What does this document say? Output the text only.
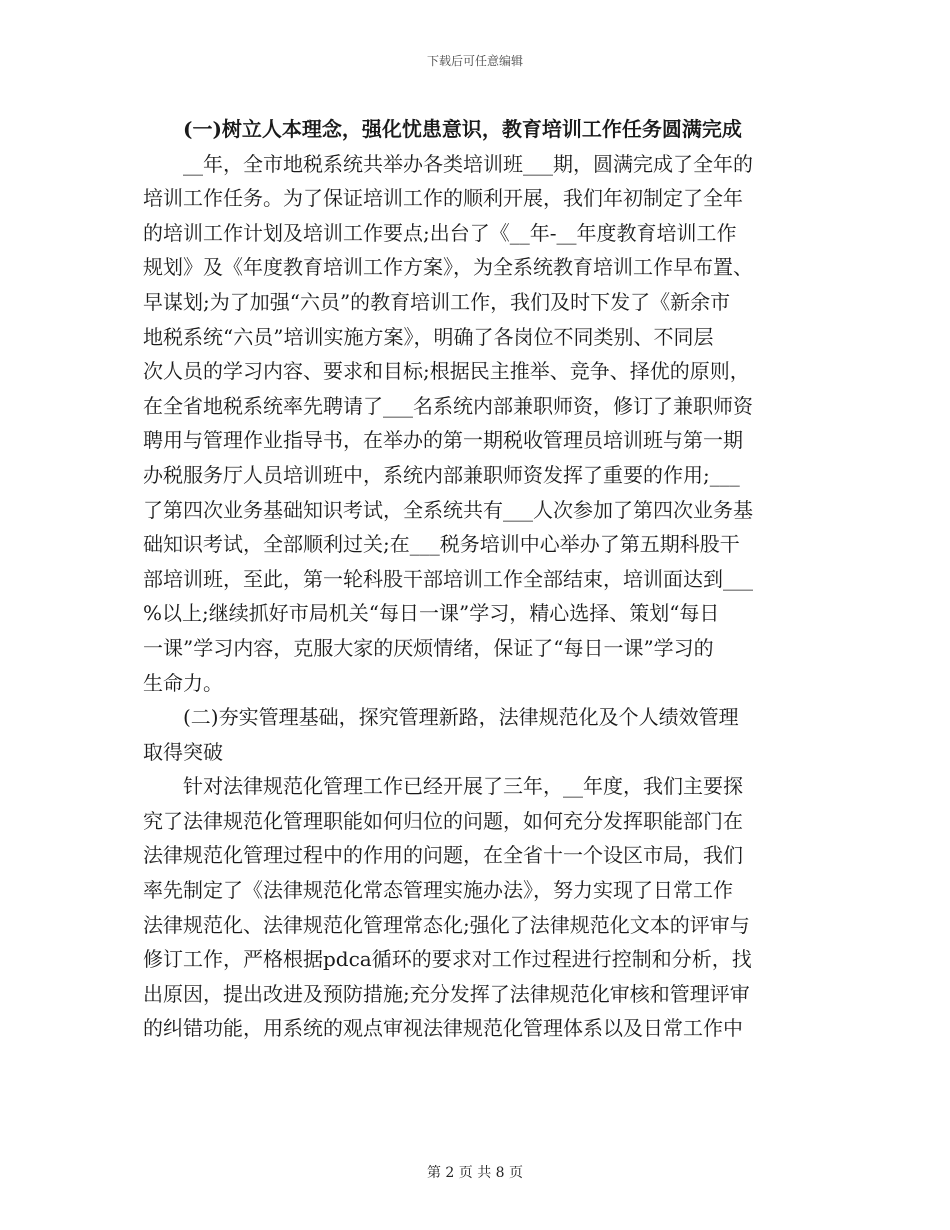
下载后可任意编辑
(一)树立人本理念，强化忧患意识，教育培训工作任务圆满完成
__年，全市地税系统共举办各类培训班___期，圆满完成了全年的
培训工作任务。为了保证培训工作的顺利开展，我们年初制定了全年
的培训工作计划及培训工作要点;出台了《__年-__年度教育培训工作
规划》及《年度教育培训工作方案》，为全系统教育培训工作早布置、
早谋划;为了加强“六员”的教育培训工作，我们及时下发了《新余市
地税系统“六员”培训实施方案》，明确了各岗位不同类别、不同层
次人员的学习内容、要求和目标;根据民主推举、竞争、择优的原则，
在全省地税系统率先聘请了___名系统内部兼职师资，修订了兼职师资
聘用与管理作业指导书，在举办的第一期税收管理员培训班与第一期
办税服务厅人员培训班中，系统内部兼职师资发挥了重要的作用;___
了第四次业务基础知识考试，全系统共有___人次参加了第四次业务基
础知识考试，全部顺利过关;在___税务培训中心举办了第五期科股干
部培训班，至此，第一轮科股干部培训工作全部结束，培训面达到___
%以上;继续抓好市局机关“每日一课”学习，精心选择、策划“每日
一课”学习内容，克服大家的厌烦情绪，保证了“每日一课”学习的
生命力。
(二)夯实管理基础，探究管理新路，法律规范化及个人绩效管理
取得突破
针对法律规范化管理工作已经开展了三年，__年度，我们主要探
究了法律规范化管理职能如何归位的问题，如何充分发挥职能部门在
法律规范化管理过程中的作用的问题，在全省十一个设区市局，我们
率先制定了《法律规范化常态管理实施办法》，努力实现了日常工作
法律规范化、法律规范化管理常态化;强化了法律规范化文本的评审与
修订工作，严格根据pdca循环的要求对工作过程进行控制和分析，找
出原因，提出改进及预防措施;充分发挥了法律规范化审核和管理评审
的纠错功能，用系统的观点审视法律规范化管理体系以及日常工作中
第 2 页 共 8 页
